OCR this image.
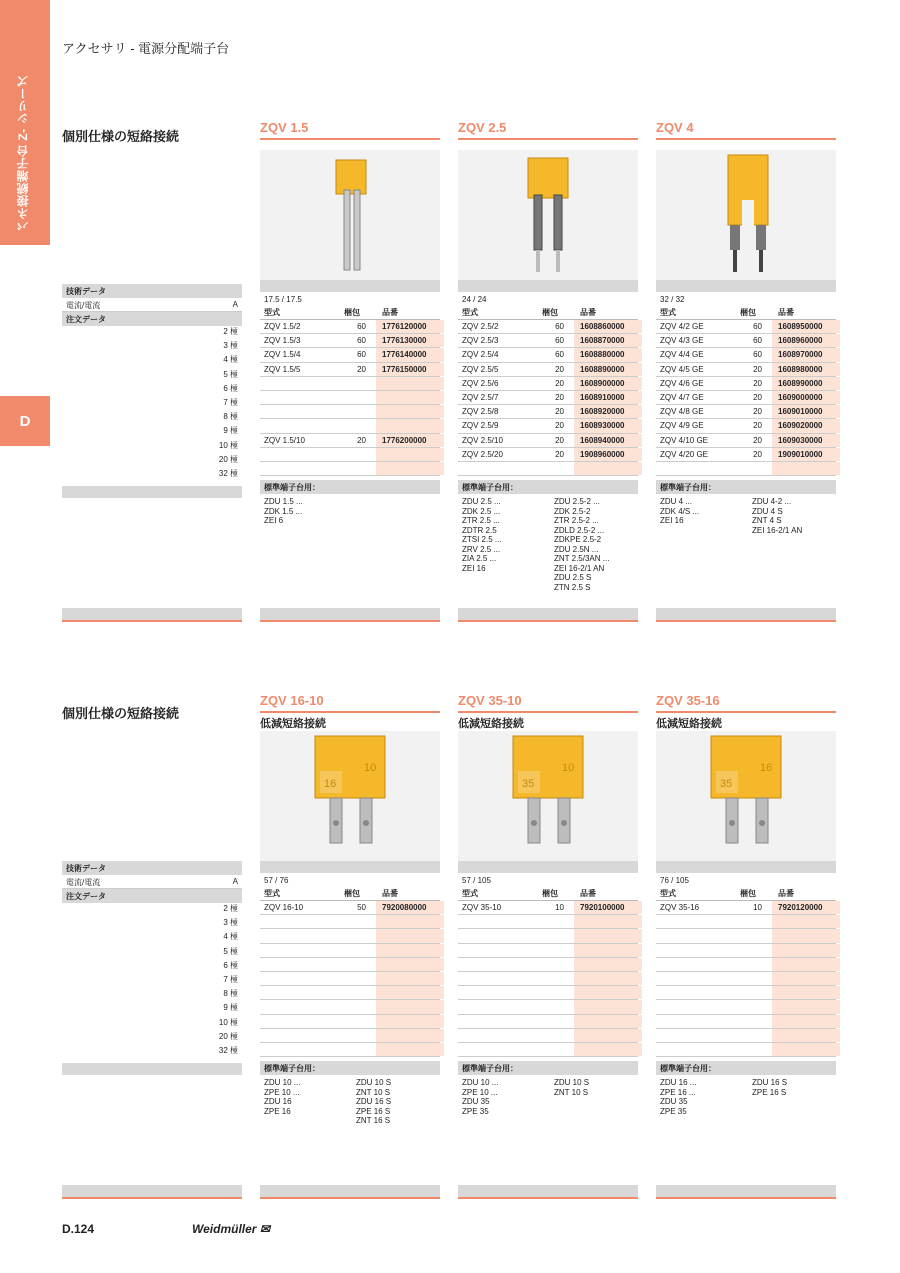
バネ接続端子台 Z- シリーズ
D
アクセサリ - 電源分配端子台
個別仕様の短絡接続
技術データ
電流/電流	A
注文データ
2 極
3 極
4 極
5 極
6 極
7 極
8 極
9 極
10 極
20 極
32 極
ZQV 1.5
17.5 / 17.5
型式	梱包	品番
ZQV 1.5/2	60	1776120000
ZQV 1.5/3	60	1776130000
ZQV 1.5/4	60	1776140000
ZQV 1.5/5	20	1776150000
ZQV 1.5/10	20	1776200000
標準端子台用：
ZDU 1.5 ...
ZDK 1.5 ...
ZEI 6
ZQV 2.5
24 / 24
型式	梱包	品番
ZQV 2.5/2	60	1608860000
ZQV 2.5/3	60	1608870000
ZQV 2.5/4	60	1608880000
ZQV 2.5/5	20	1608890000
ZQV 2.5/6	20	1608900000
ZQV 2.5/7	20	1608910000
ZQV 2.5/8	20	1608920000
ZQV 2.5/9	20	1608930000
ZQV 2.5/10	20	1608940000
ZQV 2.5/20	20	1908960000
標準端子台用：
ZDU 2.5 ...
ZDK 2.5 ...
ZTR 2.5 ...
ZDTR 2.5
ZTSI 2.5 ...
ZRV 2.5 ...
ZIA 2.5 ...
ZEI 16
ZDU 2.5-2 ...
ZDK 2.5-2
ZTR 2.5-2 ...
ZDLD 2.5-2 ...
ZDKPE 2.5-2
ZDU 2.5N ...
ZNT 2.5/3AN ...
ZEI 16-2/1 AN
ZDU 2.5 S
ZTN 2.5 S
ZQV 4
32 / 32
型式	梱包	品番
ZQV 4/2 GE	60	1608950000
ZQV 4/3 GE	60	1608960000
ZQV 4/4 GE	60	1608970000
ZQV 4/5 GE	20	1608980000
ZQV 4/6 GE	20	1608990000
ZQV 4/7 GE	20	1609000000
ZQV 4/8 GE	20	1609010000
ZQV 4/9 GE	20	1609020000
ZQV 4/10 GE	20	1609030000
ZQV 4/20 GE	20	1909010000
標準端子台用：
ZDU 4 ...
ZDK 4/S ...
ZEI 16
ZDU 4-2 ...
ZDU 4 S
ZNT 4 S
ZEI 16-2/1 AN
個別仕様の短絡接続
技術データ
電流/電流	A
注文データ
2 極
3 極
4 極
5 極
6 極
7 極
8 極
9 極
10 極
20 極
32 極
ZQV 16-10
低減短絡接続
16
10
57 / 76
型式	梱包	品番
ZQV 16-10	50	7920080000
標準端子台用：
ZDU 10 ...
ZPE 10 ...
ZDU 16
ZPE 16
ZDU 10 S
ZNT 10 S
ZDU 16 S
ZPE 16 S
ZNT 16 S
ZQV 35-10
低減短絡接続
35
10
57 / 105
型式	梱包	品番
ZQV 35-10	10	7920100000
標準端子台用：
ZDU 10 ...
ZPE 10 ...
ZDU 35
ZPE 35
ZDU 10 S
ZNT 10 S
ZQV 35-16
低減短絡接続
35
16
76 / 105
型式	梱包	品番
ZQV 35-16	10	7920120000
標準端子台用：
ZDU 16 ...
ZPE 16 ...
ZDU 35
ZPE 35
ZDU 16 S
ZPE 16 S
D.124	Weidmüller ✉
